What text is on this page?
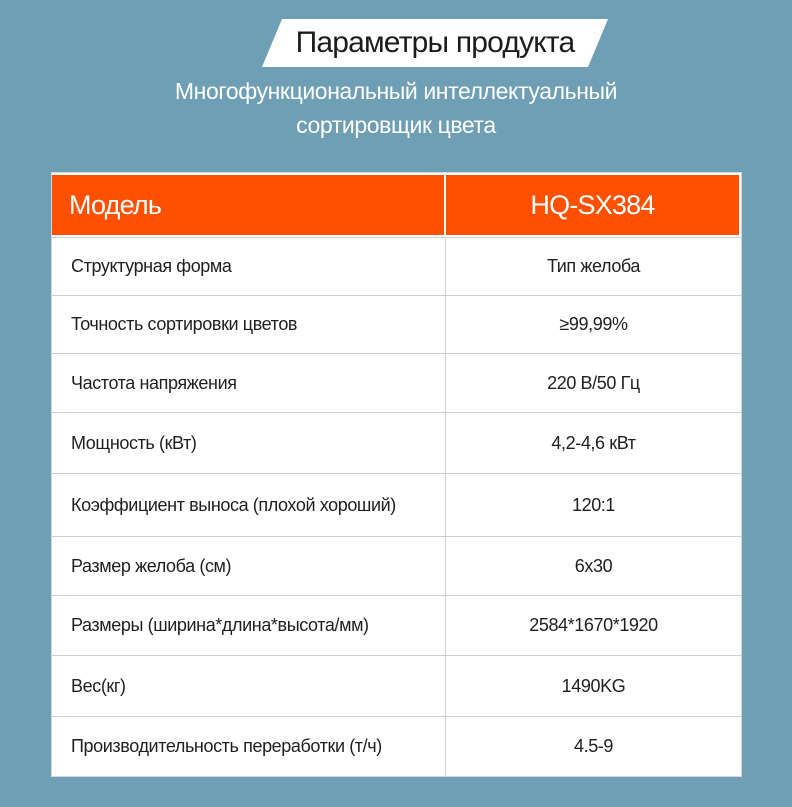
Параметры продукта
Многофункциональный интеллектуальный
сортировщик цвета
Модель	HQ-SX384
Структурная форма	Тип желоба
Точность сортировки цветов	≥99,99%
Частота напряжения	220 В/50 Гц
Мощность (кВт)	4,2-4,6 кВт
Коэффициент выноса (плохой хороший)	120:1
Размер желоба (см)	6x30
Размеры (ширина*длина*высота/мм)	2584*1670*1920
Вес(кг)	1490KG
Производительность переработки (т/ч)	4.5-9
